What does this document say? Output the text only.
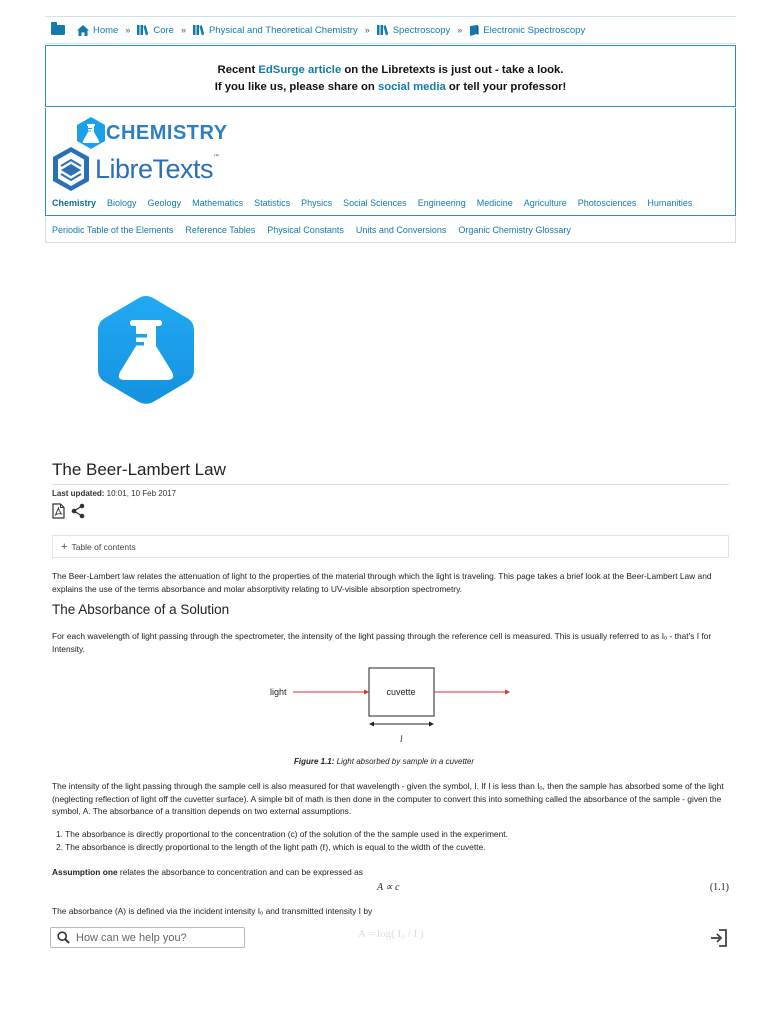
Home » Core » Physical and Theoretical Chemistry » Spectroscopy » Electronic Spectroscopy
Recent EdSurge article on the Libretexts is just out - take a look.
If you like us, please share on social media or tell your professor!
CHEMISTRY
LibreTexts™
Chemistry Biology Geology Mathematics Statistics Physics Social Sciences Engineering Medicine Agriculture Photosciences Humanities
Periodic Table of the Elements Reference Tables Physical Constants Units and Conversions Organic Chemistry Glossary
The Beer-Lambert Law
Last updated: 10:01, 10 Feb 2017
+ Table of contents
The Beer-Lambert law relates the attenuation of light to the properties of the material through which the light is traveling. This page takes a brief look at the Beer-Lambert Law and explains the use of the terms absorbance and molar absorptivity relating to UV-visible absorption spectrometry.
The Absorbance of a Solution
For each wavelength of light passing through the spectrometer, the intensity of the light passing through the reference cell is measured. This is usually referred to as Iₒ - that's I for Intensity.
light	cuvette
l
Figure 1.1: Light absorbed by sample in a cuvetter
The intensity of the light passing through the sample cell is also measured for that wavelength - given the symbol, I. If I is less than Iₒ, then the sample has absorbed some of the light (neglecting reflection of light off the cuvetter surface). A simple bit of math is then done in the computer to convert this into something called the absorbance of the sample - given the symbol, A. The absorbance of a transition depends on two external assumptions.
1. The absorbance is directly proportional to the concentration (c) of the solution of the the sample used in the experiment.
2. The absorbance is directly proportional to the length of the light path (ℓ), which is equal to the width of the cuvette.
Assumption one relates the absorbance to concentration and can be expressed as
A ∝ c	(1.1)
The absorbance (A) is defined via the incident intensity Iₒ and transmitted intensity I by
How can we help you?
A = log( I₀ / I )
